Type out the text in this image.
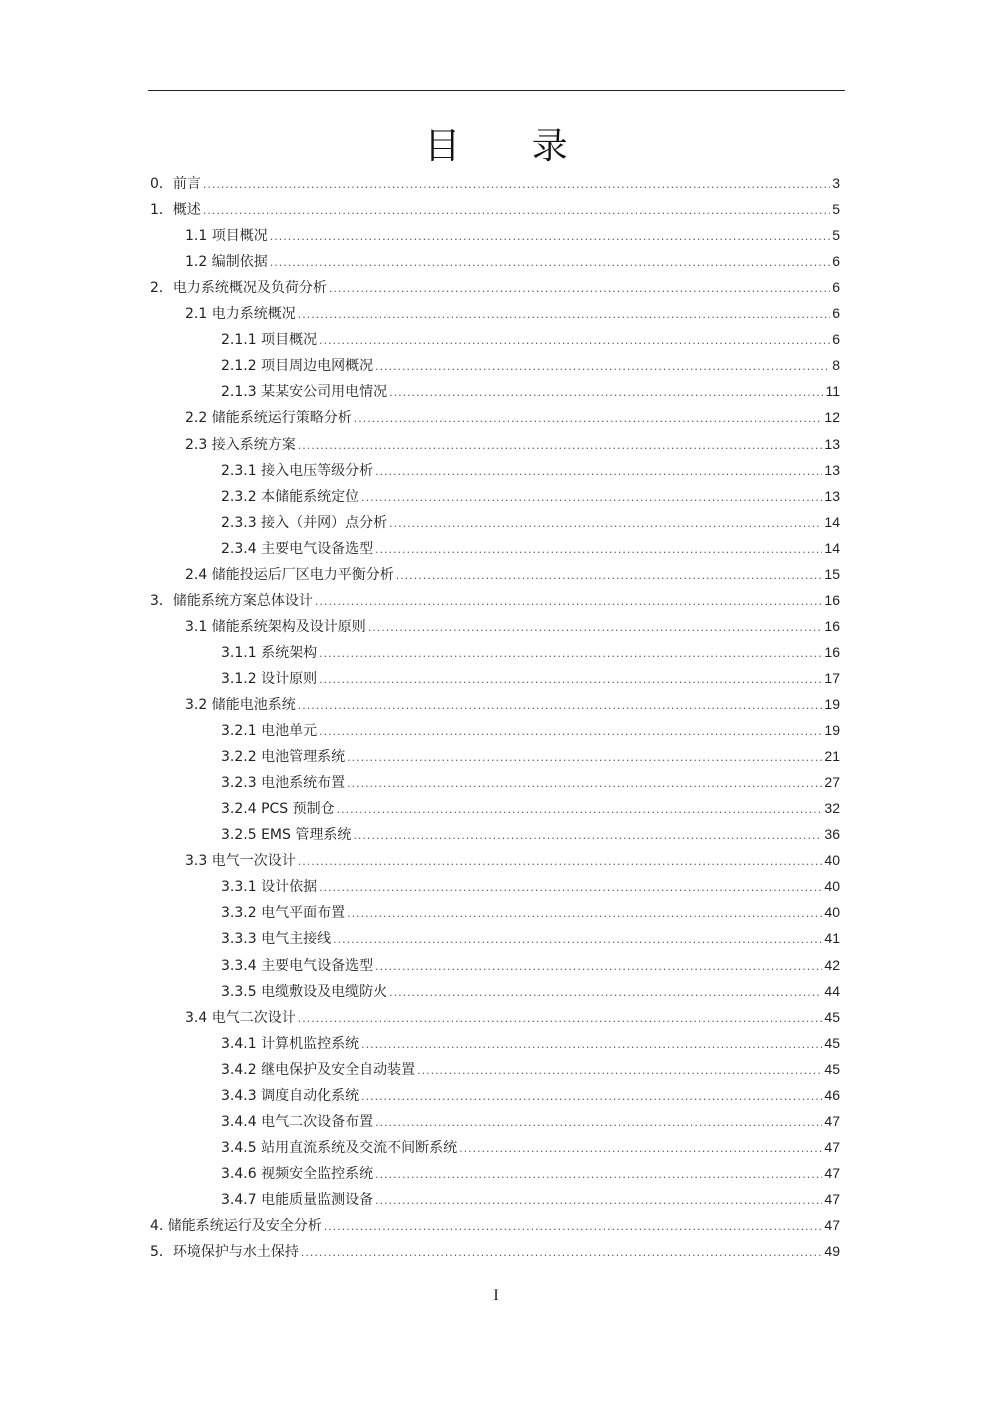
目 录
0．前言 .....	3
1．概述 .....	5
1.1 项目概况 .....	5
1.2 编制依据 .....	6
2．电力系统概况及负荷分析 .....	6
2.1 电力系统概况 .....	6
2.1.1 项目概况 .....	6
2.1.2 项目周边电网概况 .....	8
2.1.3 某某安公司用电情况 .....	11
2.2 储能系统运行策略分析 .....	12
2.3 接入系统方案 .....	13
2.3.1 接入电压等级分析 .....	13
2.3.2 本储能系统定位 .....	13
2.3.3 接入（并网）点分析 .....	14
2.3.4 主要电气设备选型 .....	14
2.4 储能投运后厂区电力平衡分析 .....	15
3．储能系统方案总体设计 .....	16
3.1 储能系统架构及设计原则 .....	16
3.1.1 系统架构 .....	16
3.1.2 设计原则 .....	17
3.2 储能电池系统 .....	19
3.2.1 电池单元 .....	19
3.2.2 电池管理系统 .....	21
3.2.3 电池系统布置 .....	27
3.2.4 PCS 预制仓 .....	32
3.2.5 EMS 管理系统 .....	36
3.3 电气一次设计 .....	40
3.3.1 设计依据 .....	40
3.3.2 电气平面布置 .....	40
3.3.3 电气主接线 .....	41
3.3.4 主要电气设备选型 .....	42
3.3.5 电缆敷设及电缆防火 .....	44
3.4 电气二次设计 .....	45
3.4.1 计算机监控系统 .....	45
3.4.2 继电保护及安全自动装置 .....	45
3.4.3 调度自动化系统 .....	46
3.4.4 电气二次设备布置 .....	47
3.4.5 站用直流系统及交流不间断系统 .....	47
3.4.6 视频安全监控系统 .....	47
3.4.7 电能质量监测设备 .....	47
4. 储能系统运行及安全分析 .....	47
5．环境保护与水土保持 .....	49
I
